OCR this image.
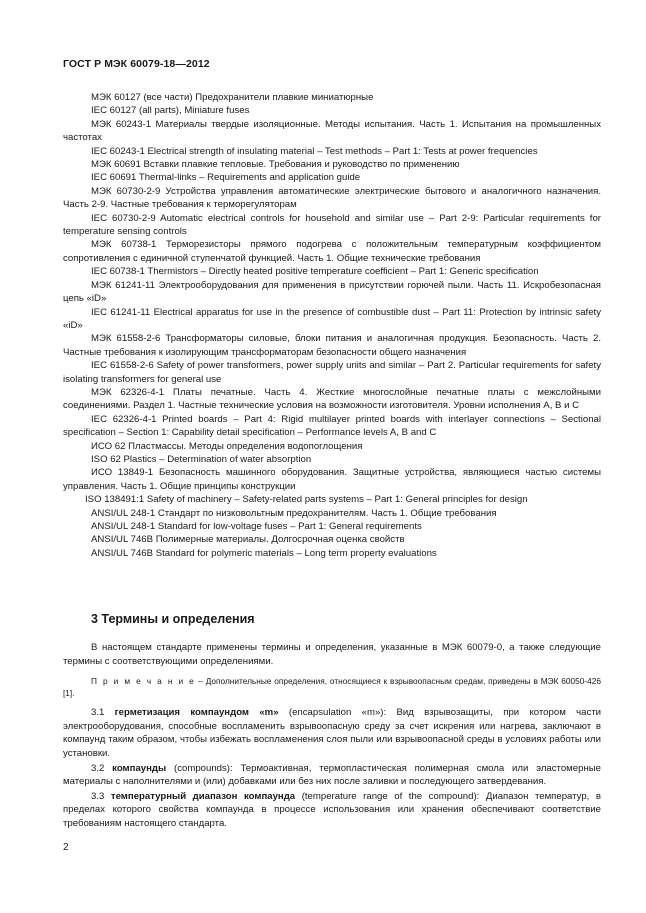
ГОСТ Р МЭК 60079-18—2012

МЭК 60127 (все части) Предохранители плавкие миниатюрные

IEC 60127 (all parts), Miniature fuses

МЭК 60243-1 Материалы твердые изоляционные. Методы испытания. Часть 1. Испытания на промышленных частотах

IEC 60243-1 Electrical strength of insulating material – Test methods – Part 1: Tests at power frequencies

МЭК 60691 Вставки плавкие тепловые. Требования и руководство по применению

IEC 60691 Thermal-links – Requirements and application guide

МЭК 60730-2-9 Устройства управления автоматические электрические бытового и аналогичного назначения. Часть 2-9. Частные требования к терморегуляторам

IEC 60730-2-9 Automatic electrical controls for household and similar use – Part 2-9: Particular requirements for temperature sensing controls

МЭК 60738-1 Терморезисторы прямого подогрева с положительным температурным коэффициентом сопротивления с единичной ступенчатой функцией. Часть 1. Общие технические требования

IEC 60738-1 Thermistors – Directly heated positive temperature coefficient – Part 1: Generic specification

МЭК 61241-11 Электрооборудования для применения в присутствии горючей пыли. Часть 11. Искробезопасная цепь «iD»

IEC 61241-11 Electrical apparatus for use in the presence of combustible dust – Part 11: Protection by intrinsic safety «iD»

МЭК 61558-2-6 Трансформаторы силовые, блоки питания и аналогичная продукция. Безопасность. Часть 2. Частные требования к изолирующим трансформаторам безопасности общего назначения

IEC 61558-2-6 Safety of power transformers, power supply units and similar – Part 2. Particular requirements for safety isolating transformers for general use

МЭК 62326-4-1 Платы печатные. Часть 4. Жесткие многослойные печатные платы с межслойными соединениями. Раздел 1. Частные технические условия на возможности изготовителя. Уровни исполнения А, В и С

IEC 62326-4-1 Printed boards – Part 4: Rigid multilayer printed boards with interlayer connections – Sectional specification – Section 1: Capability detail specification – Performance levels A, B and C

ИСО 62 Пластмассы. Методы определения водопоглощения

ISO 62 Plastics – Determination of water absorption

ИСО 13849-1 Безопасность машинного оборудования. Защитные устройства, являющиеся частью системы управления. Часть 1. Общие принципы конструкции

ISO 138491:1 Safety of machinery – Safety-related parts systems – Part 1: General principles for design

ANSI/UL 248-1 Стандарт по низковольтным предохранителям. Часть 1. Общие требования

ANSI/UL 248-1 Standard for low-voltage fuses – Part 1: General requirements

ANSI/UL 746B Полимерные материалы. Долгосрочная оценка свойств

ANSI/UL 746B Standard for polymeric materials – Long term property evaluations

3 Термины и определения

В настоящем стандарте применены термины и определения, указанные в МЭК 60079-0, а также следующие термины с соответствующими определениями.

П р и м е ч а н и е – Дополнительные определения, относящиеся к взрывоопасным средам, приведены в МЭК 60050-426 [1].

3.1 герметизация компаундом «m» (encapsulation «m»): Вид взрывозащиты, при котором части электрооборудования, способные воспламенить взрывоопасную среду за счет искрения или нагрева, заключают в компаунд таким образом, чтобы избежать воспламенения слоя пыли или взрывоопасной среды в условиях работы или установки.

3.2 компаунды (compounds): Термоактивная, термопластическая полимерная смола или эластомерные материалы с наполнителями и (или) добавками или без них после заливки и последующего затвердевания.

3.3 температурный диапазон компаунда (temperature range of the compound): Диапазон температур, в пределах которого свойства компаунда в процессе использования или хранения обеспечивают соответствие требованиям настоящего стандарта.

2
